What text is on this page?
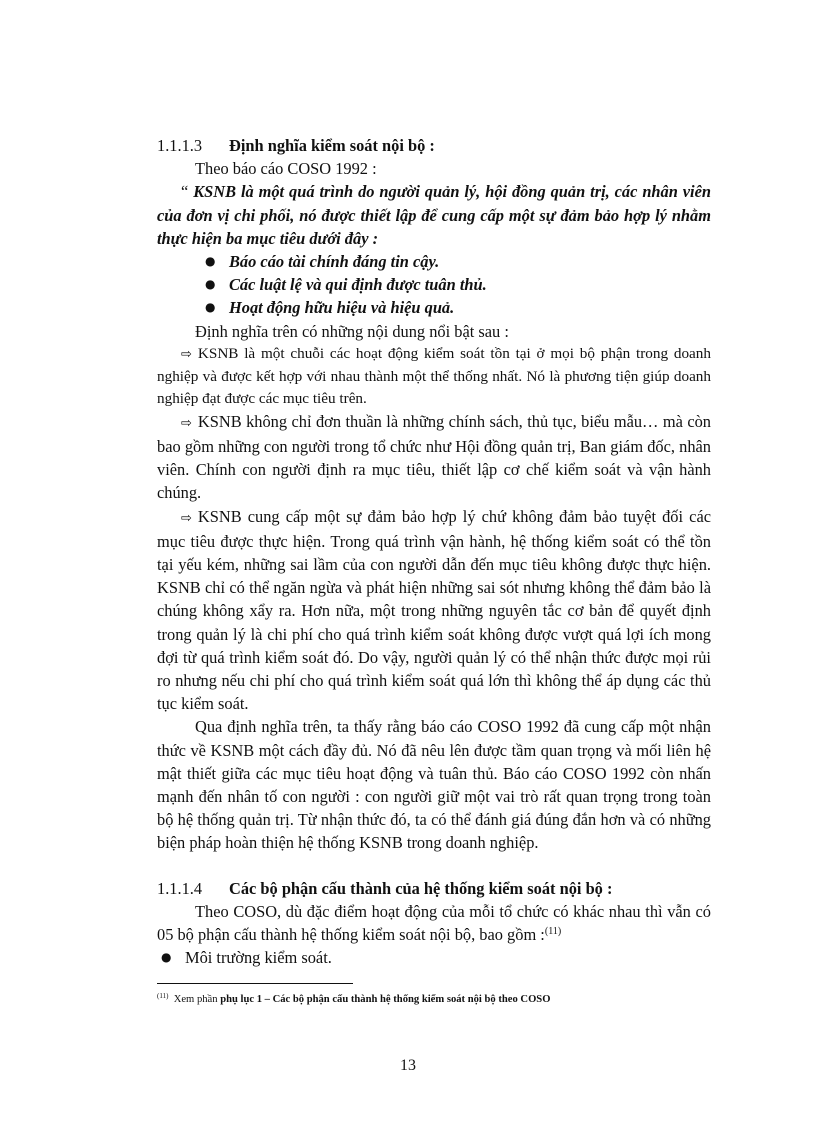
1.1.1.3 Định nghĩa kiểm soát nội bộ :

Theo báo cáo COSO 1992 :

“ KSNB là một quá trình do người quản lý, hội đồng quản trị, các nhân viên của đơn vị chi phối, nó được thiết lập để cung cấp một sự đảm bảo hợp lý nhằm thực hiện ba mục tiêu dưới đây :

● Báo cáo tài chính đáng tin cậy.
● Các luật lệ và qui định được tuân thủ.
● Hoạt động hữu hiệu và hiệu quả.

Định nghĩa trên có những nội dung nổi bật sau :

⇨ KSNB là một chuỗi các hoạt động kiểm soát tồn tại ở mọi bộ phận trong doanh nghiệp và được kết hợp với nhau thành một thể thống nhất. Nó là phương tiện giúp doanh nghiệp đạt được các mục tiêu trên.

⇨ KSNB không chỉ đơn thuần là những chính sách, thủ tục, biểu mẫu… mà còn bao gồm những con người trong tổ chức như Hội đồng quản trị, Ban giám đốc, nhân viên. Chính con người định ra mục tiêu, thiết lập cơ chế kiểm soát và vận hành chúng.

⇨ KSNB cung cấp một sự đảm bảo hợp lý chứ không đảm bảo tuyệt đối các mục tiêu được thực hiện. Trong quá trình vận hành, hệ thống kiểm soát có thể tồn tại yếu kém, những sai lầm của con người dẫn đến mục tiêu không được thực hiện. KSNB chỉ có thể ngăn ngừa và phát hiện những sai sót nhưng không thể đảm bảo là chúng không xẩy ra. Hơn nữa, một trong những nguyên tắc cơ bản để quyết định trong quản lý là chi phí cho quá trình kiểm soát không được vượt quá lợi ích mong đợi từ quá trình kiểm soát đó. Do vậy, người quản lý có thể nhận thức được mọi rủi ro nhưng nếu chi phí cho quá trình kiểm soát quá lớn thì không thể áp dụng các thủ tục kiểm soát.

Qua định nghĩa trên, ta thấy rằng báo cáo COSO 1992 đã cung cấp một nhận thức về KSNB một cách đầy đủ. Nó đã nêu lên được tầm quan trọng và mối liên hệ mật thiết giữa các mục tiêu hoạt động và tuân thủ. Báo cáo COSO 1992 còn nhấn mạnh đến nhân tố con người : con người giữ một vai trò rất quan trọng trong toàn bộ hệ thống quản trị. Từ nhận thức đó, ta có thể đánh giá đúng đắn hơn và có những biện pháp hoàn thiện hệ thống KSNB trong doanh nghiệp.

1.1.1.4 Các bộ phận cấu thành của hệ thống kiểm soát nội bộ :

Theo COSO, dù đặc điểm hoạt động của mỗi tổ chức có khác nhau thì vẫn có 05 bộ phận cấu thành hệ thống kiểm soát nội bộ, bao gồm :$^{(11)}$

● Môi trường kiểm soát.
$^{(11)}$ Xem phần phụ lục 1 – Các bộ phận cấu thành hệ thống kiểm soát nội bộ theo COSO
13
